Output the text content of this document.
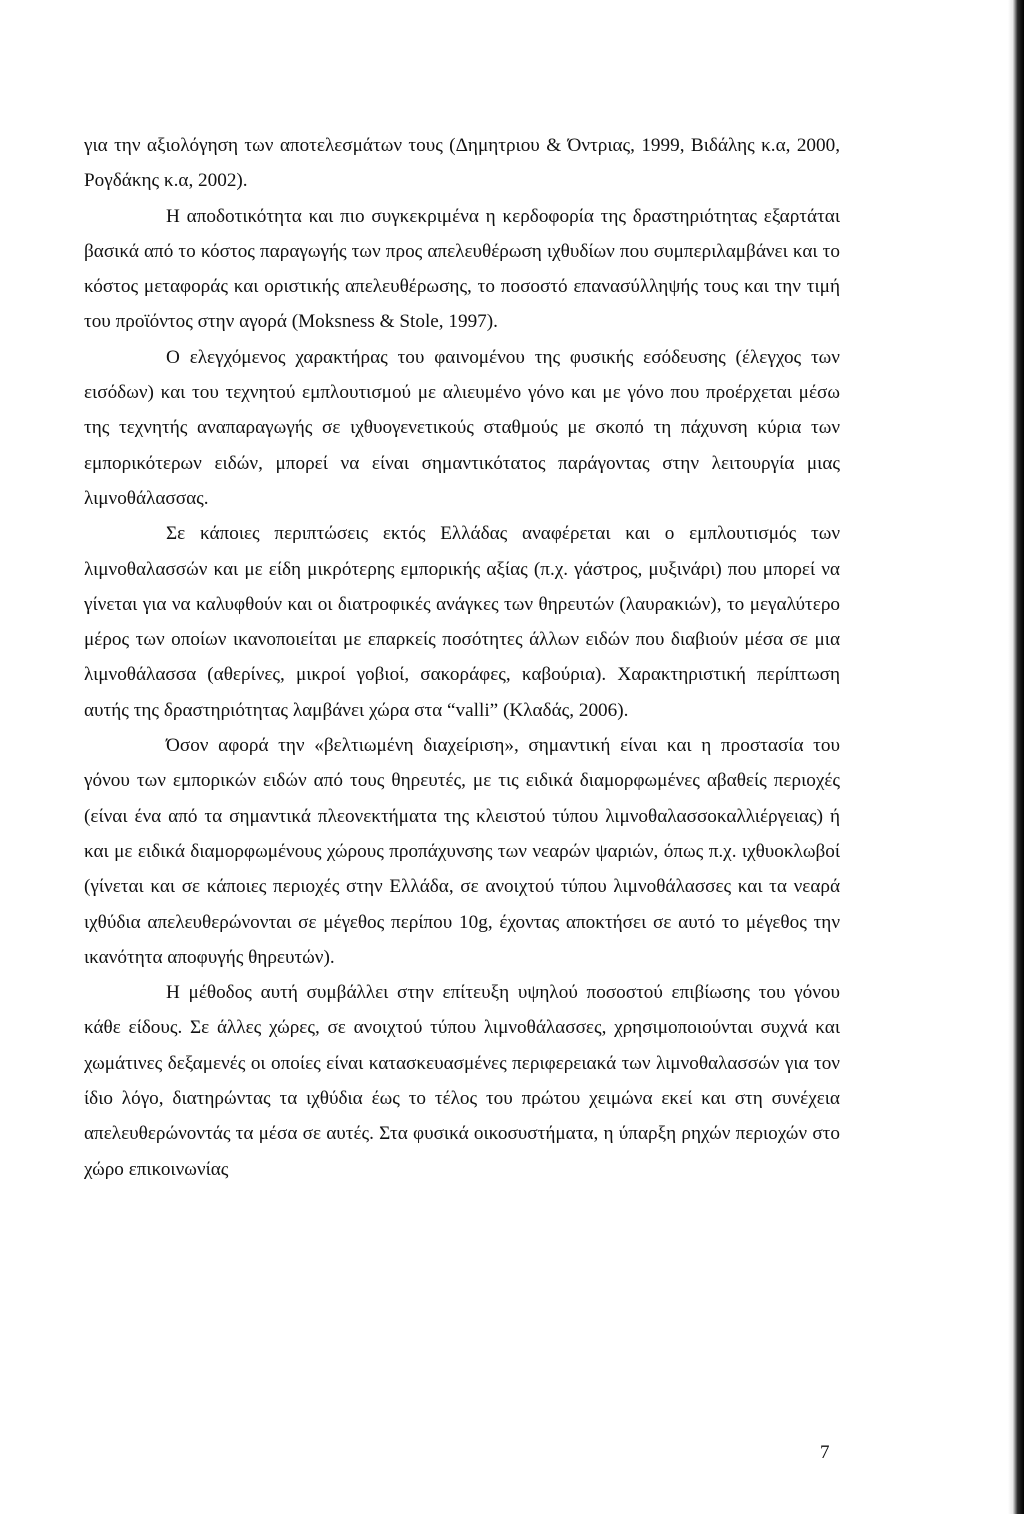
για την αξιολόγηση των αποτελεσμάτων τους (Δημητριου & Όντριας, 1999, Βιδάλης κ.α, 2000, Ρογδάκης κ.α, 2002).

Η αποδοτικότητα και πιο συγκεκριμένα η κερδοφορία της δραστηριότητας εξαρτάται βασικά από το κόστος παραγωγής των προς απελευθέρωση ιχθυδίων που συμπεριλαμβάνει και το κόστος μεταφοράς και οριστικής απελευθέρωσης, το ποσοστό επανασύλληψής τους και την τιμή του προϊόντος στην αγορά (Moksness & Stole, 1997).

Ο ελεγχόμενος χαρακτήρας του φαινομένου της φυσικής εσόδευσης (έλεγχος των εισόδων) και του τεχνητού εμπλουτισμού με αλιευμένο γόνο και με γόνο που προέρχεται μέσω της τεχνητής αναπαραγωγής σε ιχθυογενετικούς σταθμούς με σκοπό τη πάχυνση κύρια των εμπορικότερων ειδών, μπορεί να είναι σημαντικότατος παράγοντας στην λειτουργία μιας λιμνοθάλασσας.

Σε κάποιες περιπτώσεις εκτός Ελλάδας αναφέρεται και ο εμπλουτισμός των λιμνοθαλασσών και με είδη μικρότερης εμπορικής αξίας (π.χ. γάστρος, μυξινάρι) που μπορεί να γίνεται για να καλυφθούν και οι διατροφικές ανάγκες των θηρευτών (λαυρακιών), το μεγαλύτερο μέρος των οποίων ικανοποιείται με επαρκείς ποσότητες άλλων ειδών που διαβιούν μέσα σε μια λιμνοθάλασσα (αθερίνες, μικροί γοβιοί, σακοράφες, καβούρια). Χαρακτηριστική περίπτωση αυτής της δραστηριότητας λαμβάνει χώρα στα “valli” (Κλαδάς, 2006).

Όσον αφορά την «βελτιωμένη διαχείριση», σημαντική είναι και η προστασία του γόνου των εμπορικών ειδών από τους θηρευτές, με τις ειδικά διαμορφωμένες αβαθείς περιοχές (είναι ένα από τα σημαντικά πλεονεκτήματα της κλειστού τύπου λιμνοθαλασσοκαλλιέργειας) ή και με ειδικά διαμορφωμένους χώρους προπάχυνσης των νεαρών ψαριών, όπως π.χ. ιχθυοκλωβοί (γίνεται και σε κάποιες περιοχές στην Ελλάδα, σε ανοιχτού τύπου λιμνοθάλασσες και τα νεαρά ιχθύδια απελευθερώνονται σε μέγεθος περίπου 10g, έχοντας αποκτήσει σε αυτό το μέγεθος την ικανότητα αποφυγής θηρευτών).

Η μέθοδος αυτή συμβάλλει στην επίτευξη υψηλού ποσοστού επιβίωσης του γόνου κάθε είδους. Σε άλλες χώρες, σε ανοιχτού τύπου λιμνοθάλασσες, χρησιμοποιούνται συχνά και χωμάτινες δεξαμενές οι οποίες είναι κατασκευασμένες περιφερειακά των λιμνοθαλασσών για τον ίδιο λόγο, διατηρώντας τα ιχθύδια έως το τέλος του πρώτου χειμώνα εκεί και στη συνέχεια απελευθερώνοντάς τα μέσα σε αυτές. Στα φυσικά οικοσυστήματα, η ύπαρξη ρηχών περιοχών στο χώρο επικοινωνίας

7
